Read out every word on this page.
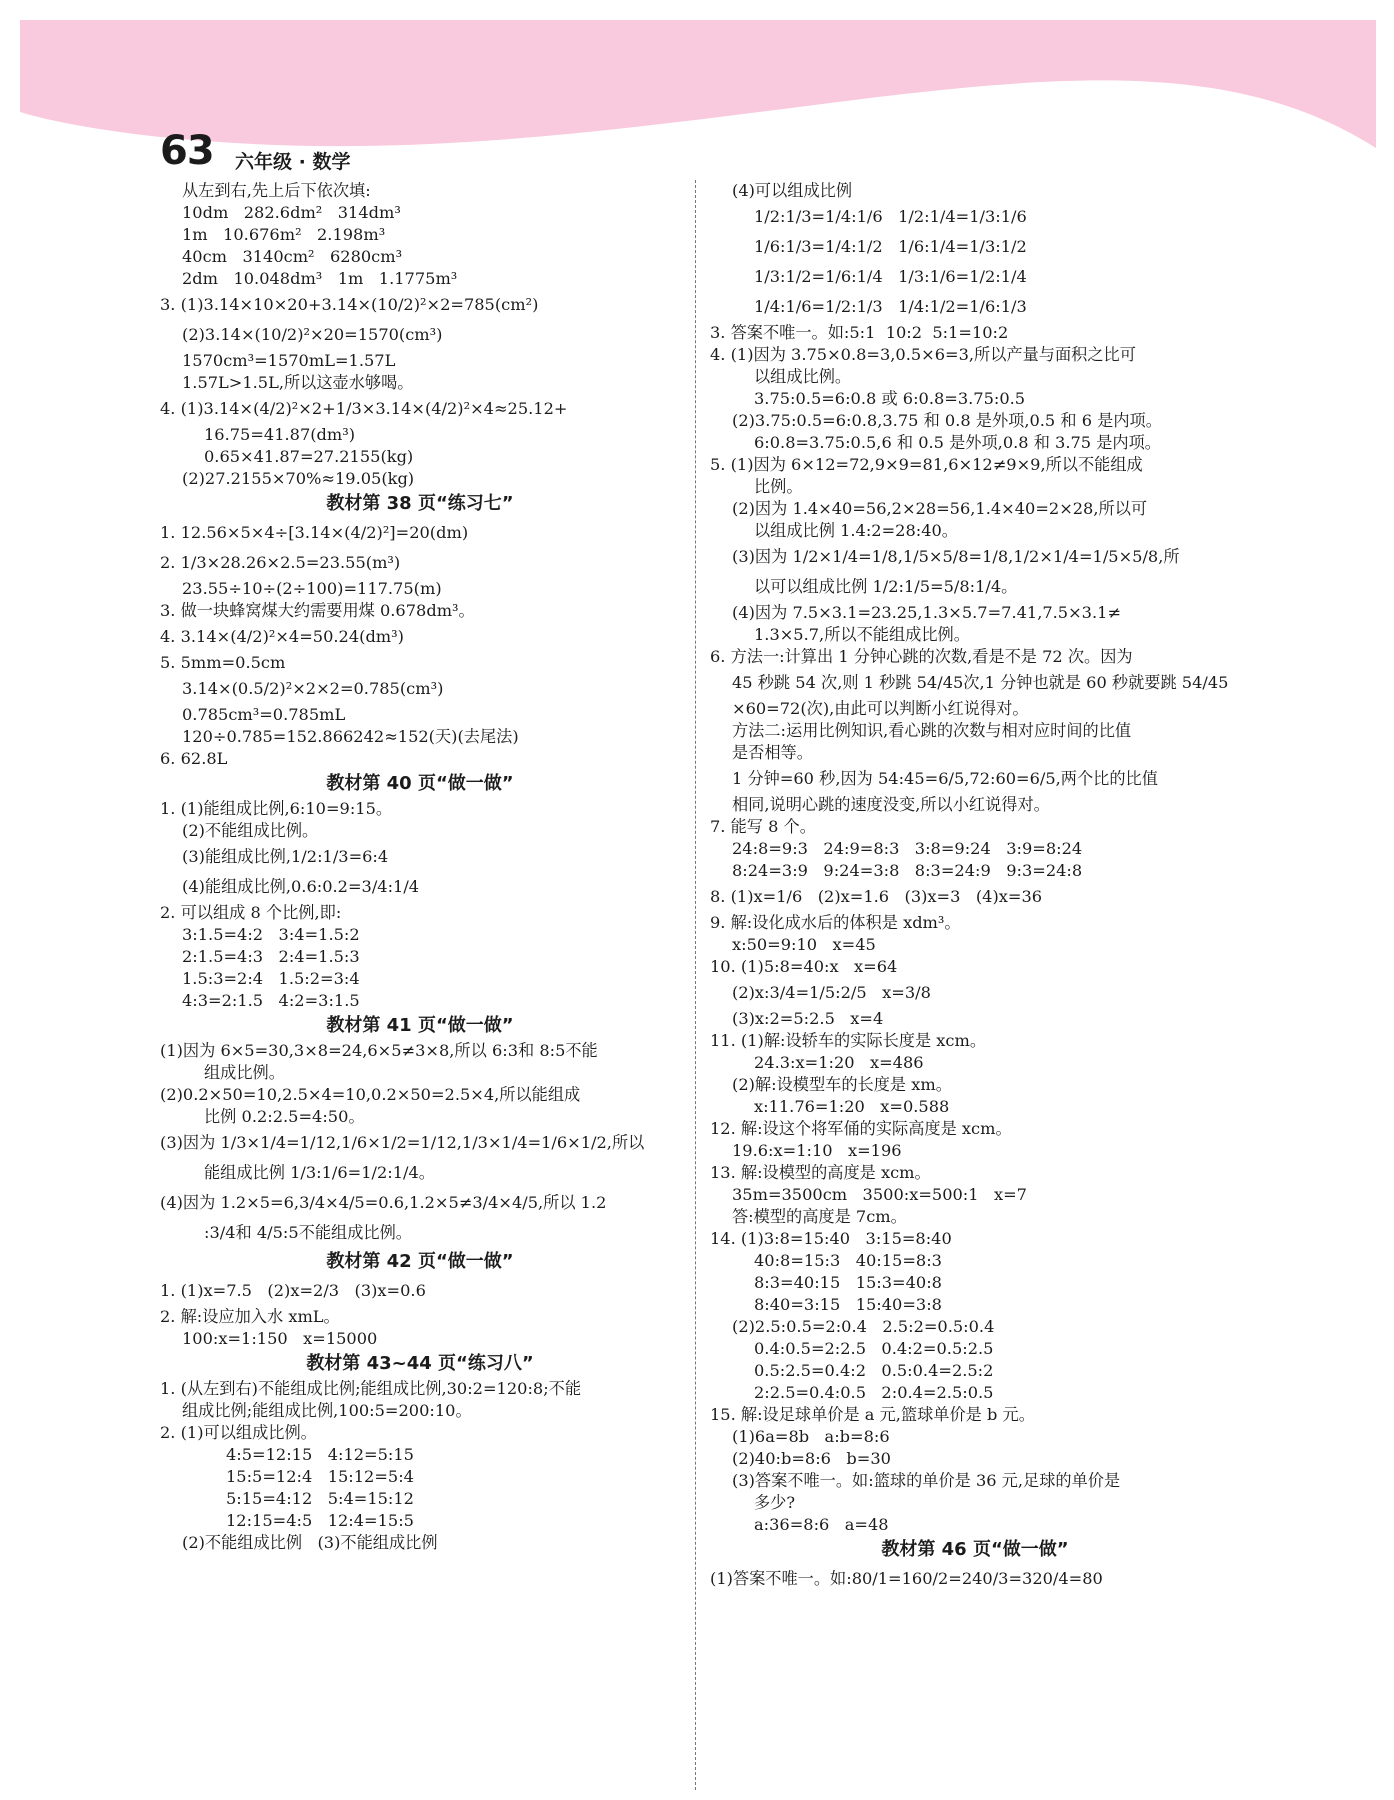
63 六年级 · 数学
从左到右,先上后下依次填:
10dm   282.6dm²   314dm³
1m   10.676m²   2.198m³
40cm   3140cm²   6280cm³
2dm   10.048dm³   1m   1.1775m³
3. (1)3.14×10×20+3.14×(10/2)²×2=785(cm²)
(2)3.14×(10/2)²×20=1570(cm³)
1570cm³=1570mL=1.57L
1.57L>1.5L,所以这壶水够喝。
4. (1)3.14×(4/2)²×2+1/3×3.14×(4/2)²×4≈25.12+
16.75=41.87(dm³)
0.65×41.87=27.2155(kg)
(2)27.2155×70%≈19.05(kg)
教材第 38 页“练习七”
1. 12.56×5×4÷[3.14×(4/2)²]=20(dm)
2. 1/3×28.26×2.5=23.55(m³)
23.55÷10÷(2÷100)=117.75(m)
3. 做一块蜂窝煤大约需要用煤 0.678dm³。
4. 3.14×(4/2)²×4=50.24(dm³)
5. 5mm=0.5cm
3.14×(0.5/2)²×2×2=0.785(cm³)
0.785cm³=0.785mL
120÷0.785=152.866242≈152(天)(去尾法)
6. 62.8L
教材第 40 页“做一做”
1. (1)能组成比例,6:10=9:15。
(2)不能组成比例。
(3)能组成比例,1/2:1/3=6:4
(4)能组成比例,0.6:0.2=3/4:1/4
2. 可以组成 8 个比例,即:
3:1.5=4:2   3:4=1.5:2
2:1.5=4:3   2:4=1.5:3
1.5:3=2:4   1.5:2=3:4
4:3=2:1.5   4:2=3:1.5
教材第 41 页“做一做”
(1)因为 6×5=30,3×8=24,6×5≠3×8,所以 6:3和 8:5不能
组成比例。
(2)0.2×50=10,2.5×4=10,0.2×50=2.5×4,所以能组成
比例 0.2:2.5=4:50。
(3)因为 1/3×1/4=1/12,1/6×1/2=1/12,1/3×1/4=1/6×1/2,所以
能组成比例 1/3:1/6=1/2:1/4。
(4)因为 1.2×5=6,3/4×4/5=0.6,1.2×5≠3/4×4/5,所以 1.2
:3/4和 4/5:5不能组成比例。
教材第 42 页“做一做”
1. (1)x=7.5   (2)x=2/3   (3)x=0.6
2. 解:设应加入水 xmL。
100:x=1:150   x=15000
教材第 43~44 页“练习八”
1. (从左到右)不能组成比例;能组成比例,30:2=120:8;不能
组成比例;能组成比例,100:5=200:10。
2. (1)可以组成比例。
4:5=12:15   4:12=5:15
15:5=12:4   15:12=5:4
5:15=4:12   5:4=15:12
12:15=4:5   12:4=15:5
(2)不能组成比例   (3)不能组成比例
(4)可以组成比例
1/2:1/3=1/4:1/6   1/2:1/4=1/3:1/6
1/6:1/3=1/4:1/2   1/6:1/4=1/3:1/2
1/3:1/2=1/6:1/4   1/3:1/6=1/2:1/4
1/4:1/6=1/2:1/3   1/4:1/2=1/6:1/3
3. 答案不唯一。如:5:1  10:2  5:1=10:2
4. (1)因为 3.75×0.8=3,0.5×6=3,所以产量与面积之比可
以组成比例。
3.75:0.5=6:0.8 或 6:0.8=3.75:0.5
(2)3.75:0.5=6:0.8,3.75 和 0.8 是外项,0.5 和 6 是内项。
6:0.8=3.75:0.5,6 和 0.5 是外项,0.8 和 3.75 是内项。
5. (1)因为 6×12=72,9×9=81,6×12≠9×9,所以不能组成
比例。
(2)因为 1.4×40=56,2×28=56,1.4×40=2×28,所以可
以组成比例 1.4:2=28:40。
(3)因为 1/2×1/4=1/8,1/5×5/8=1/8,1/2×1/4=1/5×5/8,所
以可以组成比例 1/2:1/5=5/8:1/4。
(4)因为 7.5×3.1=23.25,1.3×5.7=7.41,7.5×3.1≠
1.3×5.7,所以不能组成比例。
6. 方法一:计算出 1 分钟心跳的次数,看是不是 72 次。因为
45 秒跳 54 次,则 1 秒跳 54/45次,1 分钟也就是 60 秒就要跳 54/45
×60=72(次),由此可以判断小红说得对。
方法二:运用比例知识,看心跳的次数与相对应时间的比值
是否相等。
1 分钟=60 秒,因为 54:45=6/5,72:60=6/5,两个比的比值
相同,说明心跳的速度没变,所以小红说得对。
7. 能写 8 个。
24:8=9:3   24:9=8:3   3:8=9:24   3:9=8:24
8:24=3:9   9:24=3:8   8:3=24:9   9:3=24:8
8. (1)x=1/6   (2)x=1.6   (3)x=3   (4)x=36
9. 解:设化成水后的体积是 xdm³。
x:50=9:10   x=45
10. (1)5:8=40:x   x=64
(2)x:3/4=1/5:2/5   x=3/8
(3)x:2=5:2.5   x=4
11. (1)解:设轿车的实际长度是 xcm。
24.3:x=1:20   x=486
(2)解:设模型车的长度是 xm。
x:11.76=1:20   x=0.588
12. 解:设这个将军俑的实际高度是 xcm。
19.6:x=1:10   x=196
13. 解:设模型的高度是 xcm。
35m=3500cm   3500:x=500:1   x=7
答:模型的高度是 7cm。
14. (1)3:8=15:40   3:15=8:40
40:8=15:3   40:15=8:3
8:3=40:15   15:3=40:8
8:40=3:15   15:40=3:8
(2)2.5:0.5=2:0.4   2.5:2=0.5:0.4
0.4:0.5=2:2.5   0.4:2=0.5:2.5
0.5:2.5=0.4:2   0.5:0.4=2.5:2
2:2.5=0.4:0.5   2:0.4=2.5:0.5
15. 解:设足球单价是 a 元,篮球单价是 b 元。
(1)6a=8b   a:b=8:6
(2)40:b=8:6   b=30
(3)答案不唯一。如:篮球的单价是 36 元,足球的单价是
多少?
a:36=8:6   a=48
教材第 46 页“做一做”
(1)答案不唯一。如:80/1=160/2=240/3=320/4=80
